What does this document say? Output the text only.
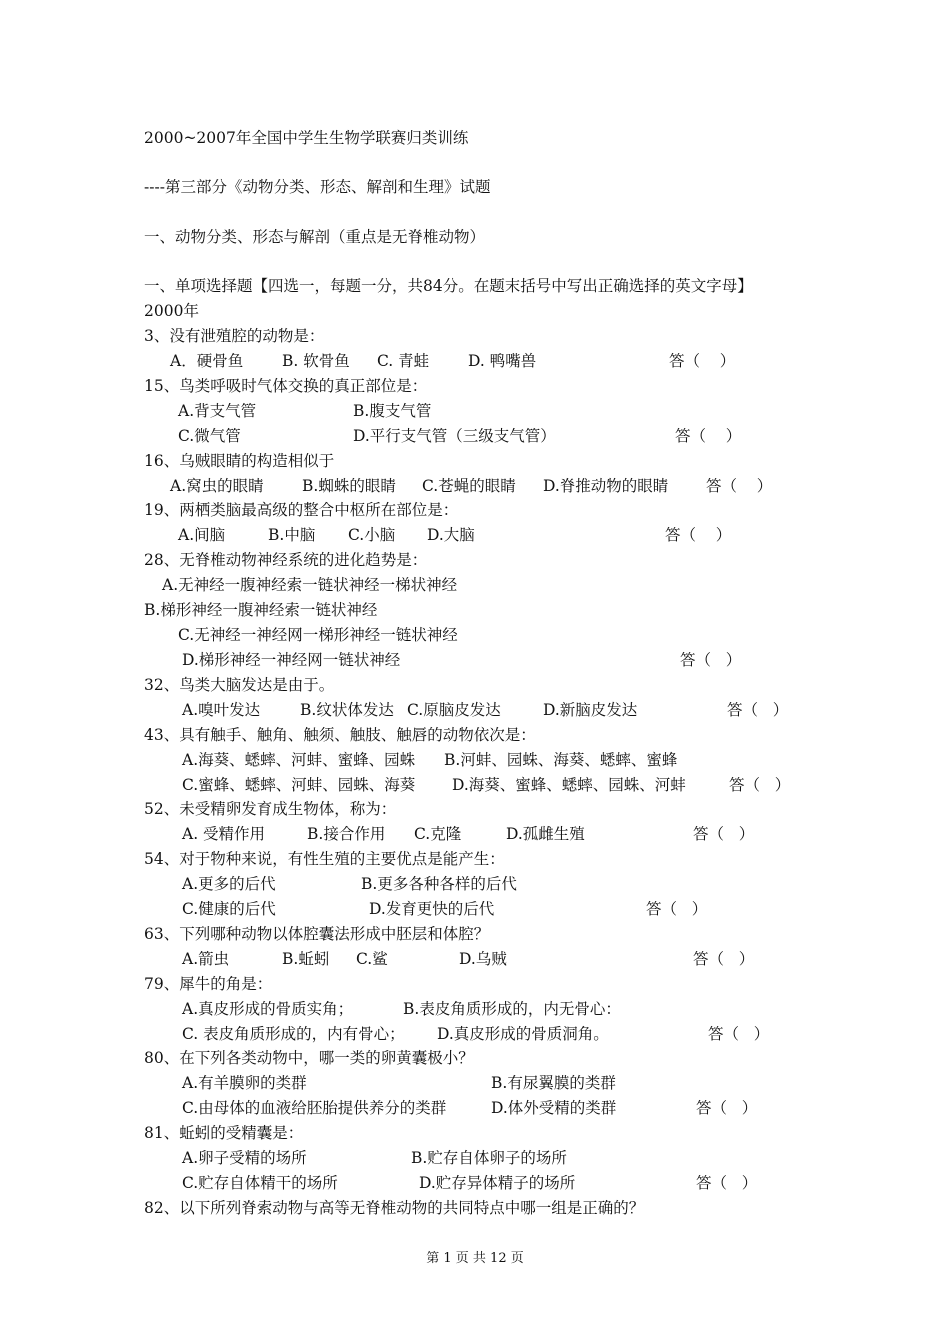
2000~2007年全国中学生生物学联赛归类训练
----第三部分《动物分类、形态、解剖和生理》试题
一、动物分类、形态与解剖（重点是无脊椎动物）
一、单项选择题【四选一，每题一分，共84分。在题末括号中写出正确选择的英文字母】
2000年
3、没有泄殖腔的动物是：
A．硬骨鱼	B. 软骨鱼 C. 青蛙	D. 鸭嘴兽	答（    ）
15、鸟类呼吸时气体交换的真正部位是：
A.背支气管	B.腹支气管
C.微气管	D.平行支气管（三级支气管）	答（    ）
16、乌贼眼睛的构造相似于
A.窝虫的眼睛 B.蜘蛛的眼睛 C.苍蝇的眼睛 D.脊推动物的眼睛 答（    ）
19、两栖类脑最高级的整合中枢所在部位是：
A.间脑	B.中脑 C.小脑 D.大脑	答（    ）
28、无脊椎动物神经系统的进化趋势是：
A.无神经一腹神经索一链状神经一梯状神经
B.梯形神经一腹神经索一链状神经
C.无神经一神经网一梯形神经一链状神经
D.梯形神经一神经网一链状神经	答（   ）
32、鸟类大脑发达是由于。
A.嗅叶发达	B.纹状体发达 C.原脑皮发达	D.新脑皮发达	答（   ）
43、具有触手、触角、触须、触肢、触唇的动物依次是：
A.海葵、蟋蟀、河蚌、蜜蜂、园蛛 B.河蚌、园蛛、海葵、蟋蟀、蜜蜂
C.蜜蜂、蟋蟀、河蚌、园蛛、海葵 D.海葵、蜜蜂、蟋蟀、园蛛、河蚌	答（   ）
52、未受精卵发育成生物体，称为：
A. 受精作用	B.接合作用 C.克隆	D.孤雌生殖	答（   ）
54、对于物种来说，有性生殖的主要优点是能产生：
A.更多的后代	B.更多各种各样的后代
C.健康的后代	D.发育更快的后代	答（   ）
63、下列哪种动物以体腔囊法形成中胚层和体腔？
A.箭虫	B.蚯蚓 C.鲨	D.乌贼	答（   ）
79、犀牛的角是：
A.真皮形成的骨质实角；	B.表皮角质形成的，内无骨心：
C. 表皮角质形成的，内有骨心； D.真皮形成的骨质洞角。	答（   ）
80、在下列各类动物中，哪一类的卵黄囊极小？
A.有羊膜卵的类群	B.有尿翼膜的类群
C.由母体的血液给胚胎提供养分的类群	D.体外受精的类群	答（   ）
81、蚯蚓的受精囊是：
A.卵子受精的场所	B.贮存自体卵子的场所
C.贮存自体精干的场所	D.贮存异体精子的场所	答（   ）
82、以下所列脊索动物与高等无脊椎动物的共同特点中哪一组是正确的？
第 1 页 共 12 页
